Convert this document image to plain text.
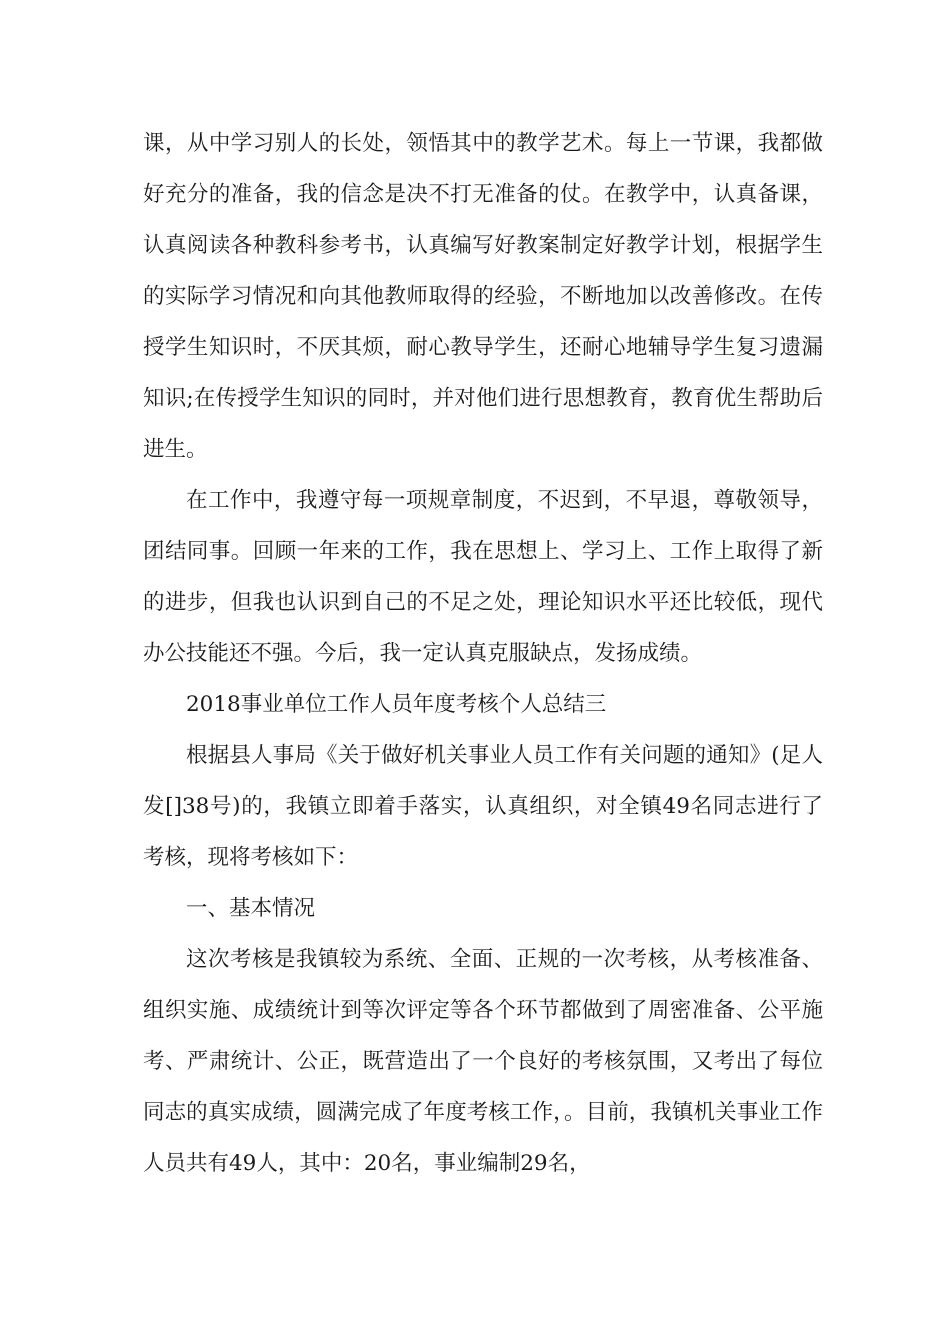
课，从中学习别人的长处，领悟其中的教学艺术。每上一节课，我都做好充分的准备，我的信念是决不打无准备的仗。在教学中，认真备课，认真阅读各种教科参考书，认真编写好教案制定好教学计划，根据学生的实际学习情况和向其他教师取得的经验，不断地加以改善修改。在传授学生知识时，不厌其烦，耐心教导学生，还耐心地辅导学生复习遗漏知识;在传授学生知识的同时，并对他们进行思想教育，教育优生帮助后进生。

在工作中，我遵守每一项规章制度，不迟到，不早退，尊敬领导，团结同事。回顾一年来的工作，我在思想上、学习上、工作上取得了新的进步，但我也认识到自己的不足之处，理论知识水平还比较低，现代办公技能还不强。今后，我一定认真克服缺点，发扬成绩。

2018事业单位工作人员年度考核个人总结三

根据县人事局《关于做好机关事业人员工作有关问题的通知》(足人发[]38号)的，我镇立即着手落实，认真组织，对全镇49名同志进行了考核，现将考核如下：

一、基本情况

这次考核是我镇较为系统、全面、正规的一次考核，从考核准备、组织实施、成绩统计到等次评定等各个环节都做到了周密准备、公平施考、严肃统计、公正，既营造出了一个良好的考核氛围，又考出了每位同志的真实成绩，圆满完成了年度考核工作，。目前，我镇机关事业工作人员共有49人，其中：20名，事业编制29名，
